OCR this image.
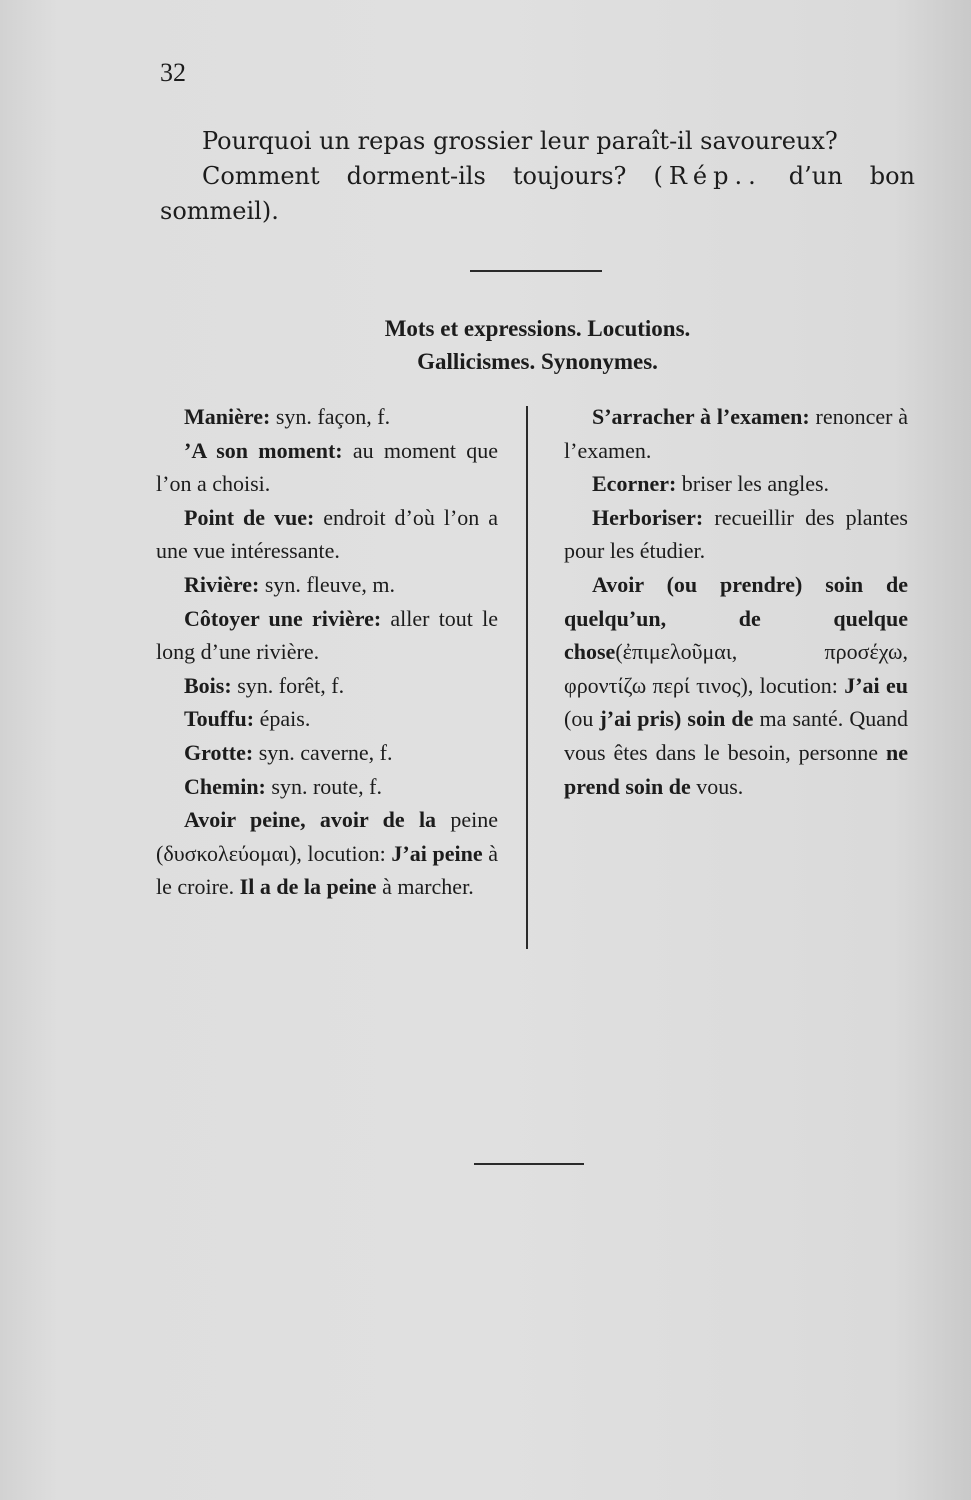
32

Pourquoi un repas grossier leur paraît-il savoureux?

Comment dorment-ils toujours? (Rép.. d’un bon sommeil).

Mots et expressions. Locutions.
Gallicismes. Synonymes.

Manière: syn. façon, f.

’A son moment: au moment que l’on a choisi.

Point de vue: endroit d’où l’on a une vue intéressante.

Rivière: syn. fleuve, m.

Côtoyer une rivière: aller tout le long d’une rivière.

Bois: syn. forêt, f.

Touffu: épais.

Grotte: syn. caverne, f.

Chemin: syn. route, f.

Avoir peine, avoir de la peine (δυσκολεύομαι), locution: J’ai peine à le croire. Il a de la peine à marcher.

S’arracher à l’examen: renoncer à l’examen.

Ecorner: briser les angles.

Herboriser: recueillir des plantes pour les étudier.

Avoir (ou prendre) soin de quelqu’un, de quelque chose(ἐπιμελοῦμαι, προσέχω, φροντίζω περί τινος), locution: J’ai eu (ou j’ai pris) soin de ma santé. Quand vous êtes dans le besoin, personne ne prend soin de vous.
